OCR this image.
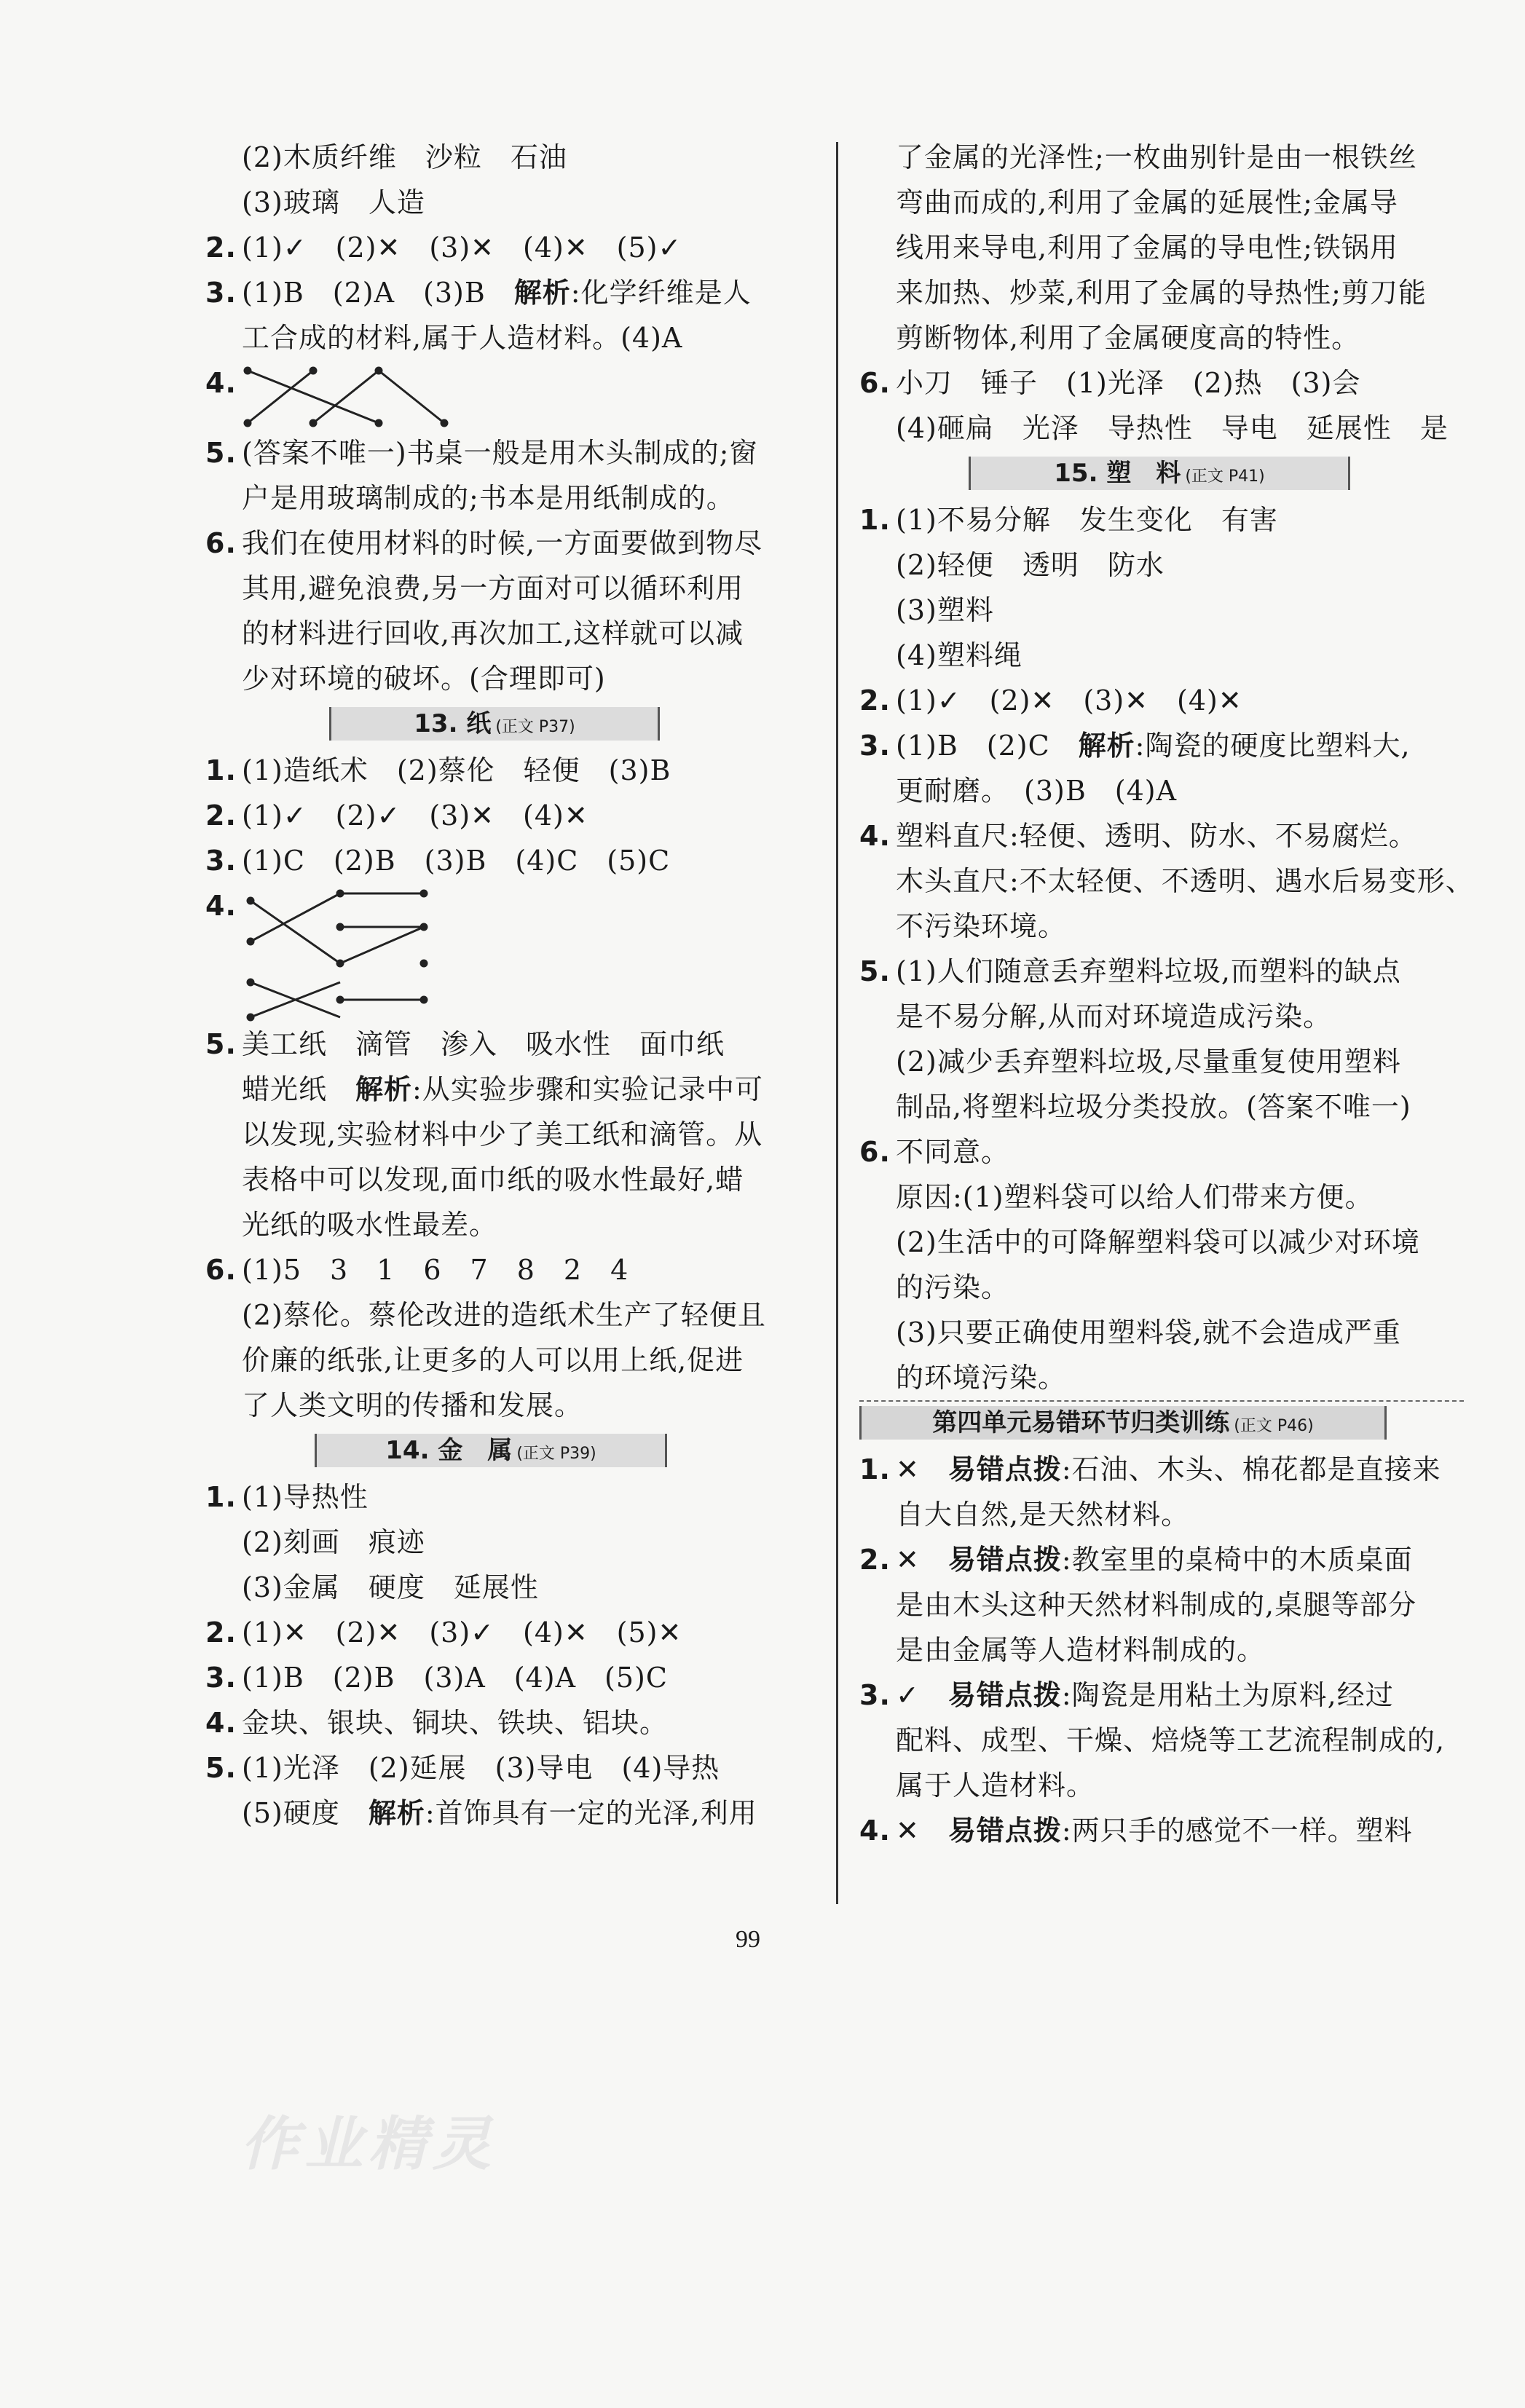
(2)木质纤维　沙粒　石油
(3)玻璃　人造
2. (1)✓　(2)✕　(3)✕　(4)✕　(5)✓
3. (1)B　(2)A　(3)B　解析:化学纤维是人
工合成的材料,属于人造材料。(4)A
4.
5. (答案不唯一)书桌一般是用木头制成的;窗
户是用玻璃制成的;书本是用纸制成的。
6. 我们在使用材料的时候,一方面要做到物尽
其用,避免浪费,另一方面对可以循环利用
的材料进行回收,再次加工,这样就可以减
少对环境的破坏。(合理即可)
13. 纸 (正文 P37)
1. (1)造纸术　(2)蔡伦　轻便　(3)B
2. (1)✓　(2)✓　(3)✕　(4)✕
3. (1)C　(2)B　(3)B　(4)C　(5)C
4.
5. 美工纸　滴管　渗入　吸水性　面巾纸
蜡光纸　解析:从实验步骤和实验记录中可
以发现,实验材料中少了美工纸和滴管。从
表格中可以发现,面巾纸的吸水性最好,蜡
光纸的吸水性最差。
6. (1)5　3　1　6　7　8　2　4
(2)蔡伦。蔡伦改进的造纸术生产了轻便且
价廉的纸张,让更多的人可以用上纸,促进
了人类文明的传播和发展。
14. 金　属 (正文 P39)
1. (1)导热性
(2)刻画　痕迹
(3)金属　硬度　延展性
2. (1)✕　(2)✕　(3)✓　(4)✕　(5)✕
3. (1)B　(2)B　(3)A　(4)A　(5)C
4. 金块、银块、铜块、铁块、铝块。
5. (1)光泽　(2)延展　(3)导电　(4)导热
(5)硬度　解析:首饰具有一定的光泽,利用
了金属的光泽性;一枚曲别针是由一根铁丝
弯曲而成的,利用了金属的延展性;金属导
线用来导电,利用了金属的导电性;铁锅用
来加热、炒菜,利用了金属的导热性;剪刀能
剪断物体,利用了金属硬度高的特性。
6. 小刀　锤子　(1)光泽　(2)热　(3)会
(4)砸扁　光泽　导热性　导电　延展性　是
15. 塑　料 (正文 P41)
1. (1)不易分解　发生变化　有害
(2)轻便　透明　防水
(3)塑料
(4)塑料绳
2. (1)✓　(2)✕　(3)✕　(4)✕
3. (1)B　(2)C　解析:陶瓷的硬度比塑料大,
更耐磨。　(3)B　(4)A
4. 塑料直尺:轻便、透明、防水、不易腐烂。
木头直尺:不太轻便、不透明、遇水后易变形、
不污染环境。
5. (1)人们随意丢弃塑料垃圾,而塑料的缺点
是不易分解,从而对环境造成污染。
(2)减少丢弃塑料垃圾,尽量重复使用塑料
制品,将塑料垃圾分类投放。(答案不唯一)
6. 不同意。
原因:(1)塑料袋可以给人们带来方便。
(2)生活中的可降解塑料袋可以减少对环境
的污染。
(3)只要正确使用塑料袋,就不会造成严重
的环境污染。
第四单元易错环节归类训练 (正文 P46)
1. ✕　易错点拨:石油、木头、棉花都是直接来
自大自然,是天然材料。
2. ✕　易错点拨:教室里的桌椅中的木质桌面
是由木头这种天然材料制成的,桌腿等部分
是由金属等人造材料制成的。
3. ✓　易错点拨:陶瓷是用粘土为原料,经过
配料、成型、干燥、焙烧等工艺流程制成的,
属于人造材料。
4. ✕　易错点拨:两只手的感觉不一样。塑料
99
作业精灵
